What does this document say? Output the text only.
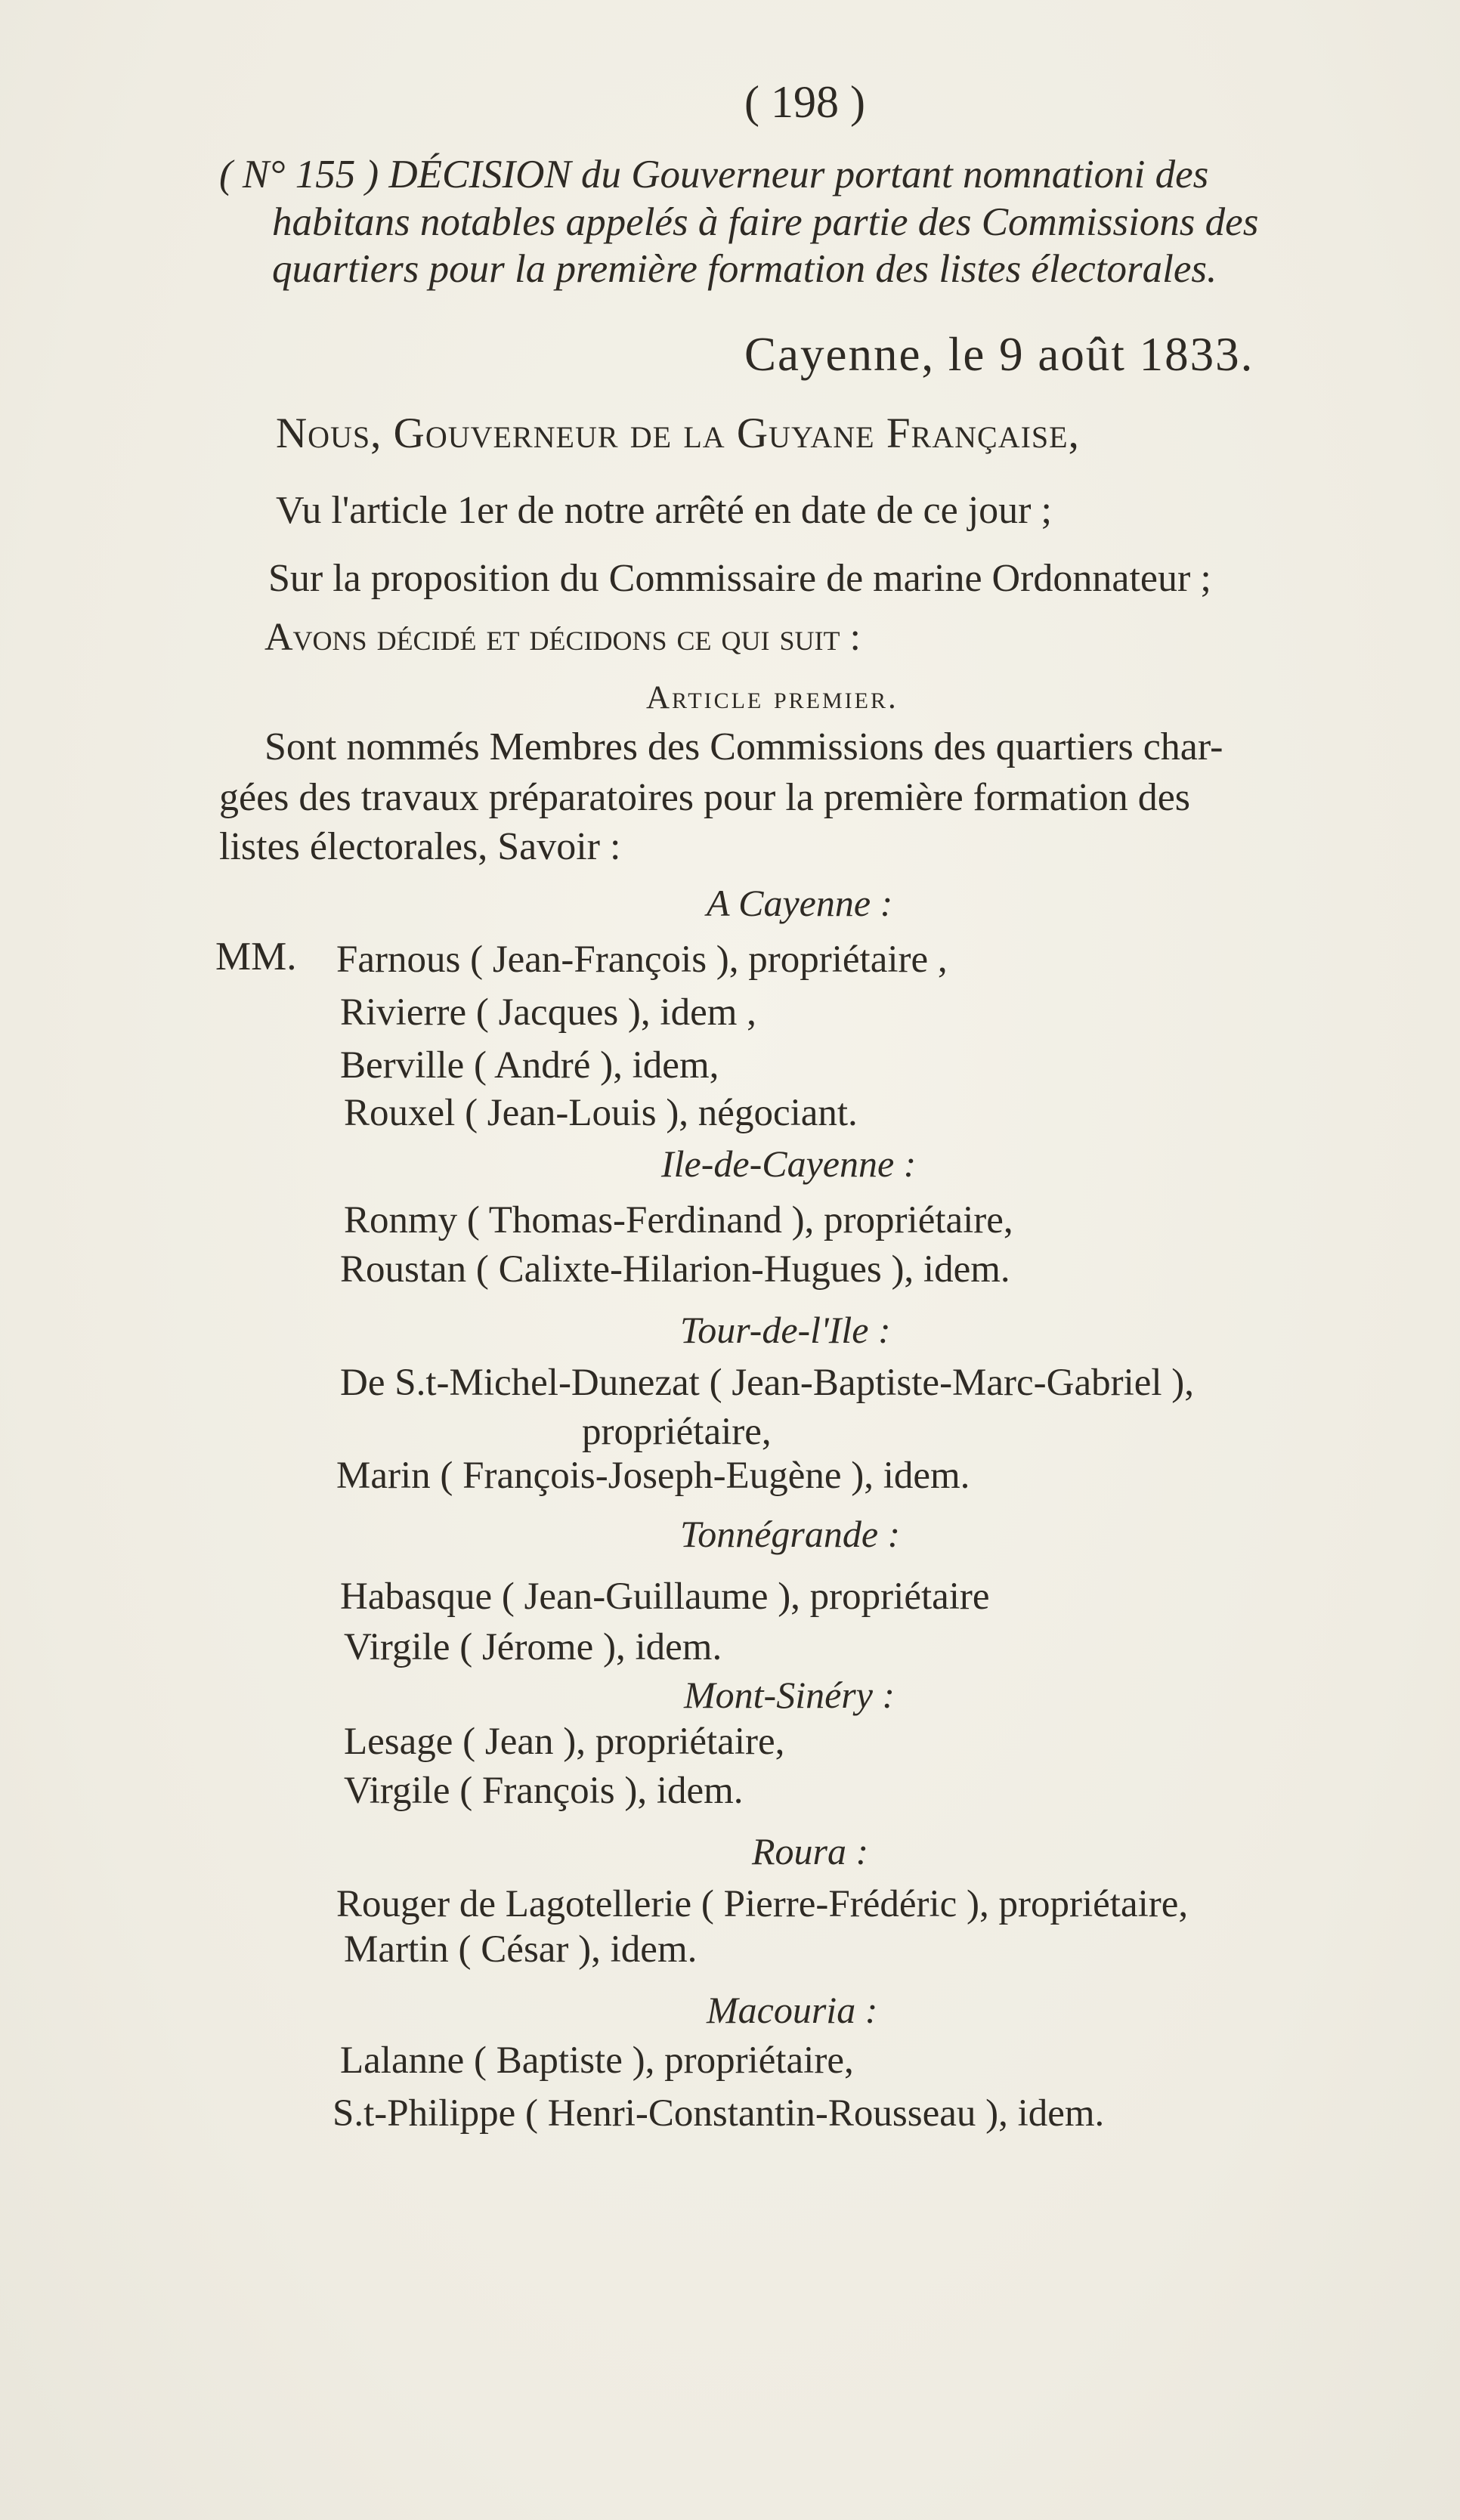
( 198 )
( N° 155 ) DÉCISION du Gouverneur portant nomnationi des
habitans notables appelés à faire partie des Commissions des
quartiers pour la première formation des listes électorales.
Cayenne, le 9 août 1833.
Nous, Gouverneur de la Guyane Française,
Vu l'article 1er de notre arrêté en date de ce jour ;
Sur la proposition du Commissaire de marine Ordonnateur ;
Avons décidé et décidons ce qui suit :
Article premier.
Sont nommés Membres des Commissions des quartiers char-
gées des travaux préparatoires pour la première formation des
listes électorales, Savoir :
A Cayenne :
MM. Farnous ( Jean-François ), propriétaire ,
Rivierre ( Jacques ), idem ,
Berville ( André ), idem,
Rouxel ( Jean-Louis ), négociant.
Ile-de-Cayenne :
Ronmy ( Thomas-Ferdinand ), propriétaire,
Roustan ( Calixte-Hilarion-Hugues ), idem.
Tour-de-l'Ile :
De S.t-Michel-Dunezat ( Jean-Baptiste-Marc-Gabriel ),
propriétaire,
Marin ( François-Joseph-Eugène ), idem.
Tonnégrande :
Habasque ( Jean-Guillaume ), propriétaire
Virgile ( Jérome ), idem.
Mont-Sinéry :
Lesage ( Jean ), propriétaire,
Virgile ( François ), idem.
Roura :
Rouger de Lagotellerie ( Pierre-Frédéric ), propriétaire,
Martin ( César ), idem.
Macouria :
Lalanne ( Baptiste ), propriétaire,
S.t-Philippe ( Henri-Constantin-Rousseau ), idem.
